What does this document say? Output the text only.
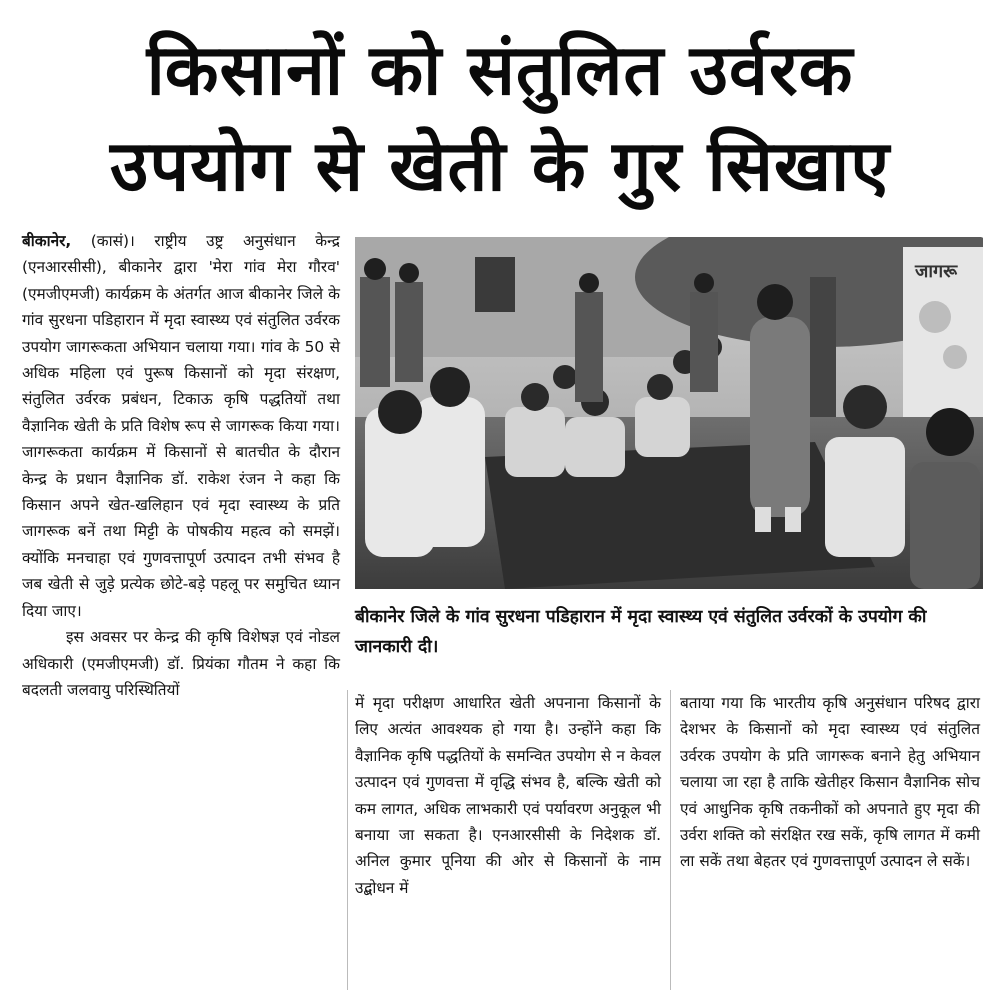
किसानों को संतुलित उर्वरक
उपयोग से खेती के गुर सिखाए

बीकानेर, (कासं)। राष्ट्रीय उष्ट्र अनुसंधान केन्द्र (एनआरसीसी), बीकानेर द्वारा 'मेरा गांव मेरा गौरव' (एमजीएमजी) कार्यक्रम के अंतर्गत आज बीकानेर जिले के गांव सुरधना पडिहारान में मृदा स्वास्थ्य एवं संतुलित उर्वरक उपयोग जागरूकता अभियान चलाया गया। गांव के 50 से अधिक महिला एवं पुरूष किसानों को मृदा संरक्षण, संतुलित उर्वरक प्रबंधन, टिकाऊ कृषि पद्धतियों तथा वैज्ञानिक खेती के प्रति विशेष रूप से जागरूक किया गया। जागरूकता कार्यक्रम में किसानों से बातचीत के दौरान केन्द्र के प्रधान वैज्ञानिक डॉ. राकेश रंजन ने कहा कि किसान अपने खेत-खलिहान एवं मृदा स्वास्थ्य के प्रति जागरूक बनें तथा मिट्टी के पोषकीय महत्व को समझें। क्योंकि मनचाहा एवं गुणवत्तापूर्ण उत्पादन तभी संभव है जब खेती से जुड़े प्रत्येक छोटे-बड़े पहलू पर समुचित ध्यान दिया जाए।

इस अवसर पर केन्द्र की कृषि विशेषज्ञ एवं नोडल अधिकारी (एमजीएमजी) डॉ. प्रियंका गौतम ने कहा कि बदलती जलवायु परिस्थितियों

जागरू
बीकानेर जिले के गांव सुरधना पडिहारान में मृदा स्वास्थ्य एवं संतुलित उर्वरकों के उपयोग की जानकारी दी।

में मृदा परीक्षण आधारित खेती अपनाना किसानों के लिए अत्यंत आवश्यक हो गया है। उन्होंने कहा कि वैज्ञानिक कृषि पद्धतियों के समन्वित उपयोग से न केवल उत्पादन एवं गुणवत्ता में वृद्धि संभव है, बल्कि खेती को कम लागत, अधिक लाभकारी एवं पर्यावरण अनुकूल भी बनाया जा सकता है। एनआरसीसी के निदेशक डॉ. अनिल कुमार पूनिया की ओर से किसानों के नाम उद्बोधन में

बताया गया कि भारतीय कृषि अनुसंधान परिषद द्वारा देशभर के किसानों को मृदा स्वास्थ्य एवं संतुलित उर्वरक उपयोग के प्रति जागरूक बनाने हेतु अभियान चलाया जा रहा है ताकि खेतीहर किसान वैज्ञानिक सोच एवं आधुनिक कृषि तकनीकों को अपनाते हुए मृदा की उर्वरा शक्ति को संरक्षित रख सकें, कृषि लागत में कमी ला सकें तथा बेहतर एवं गुणवत्तापूर्ण उत्पादन ले सकें।
